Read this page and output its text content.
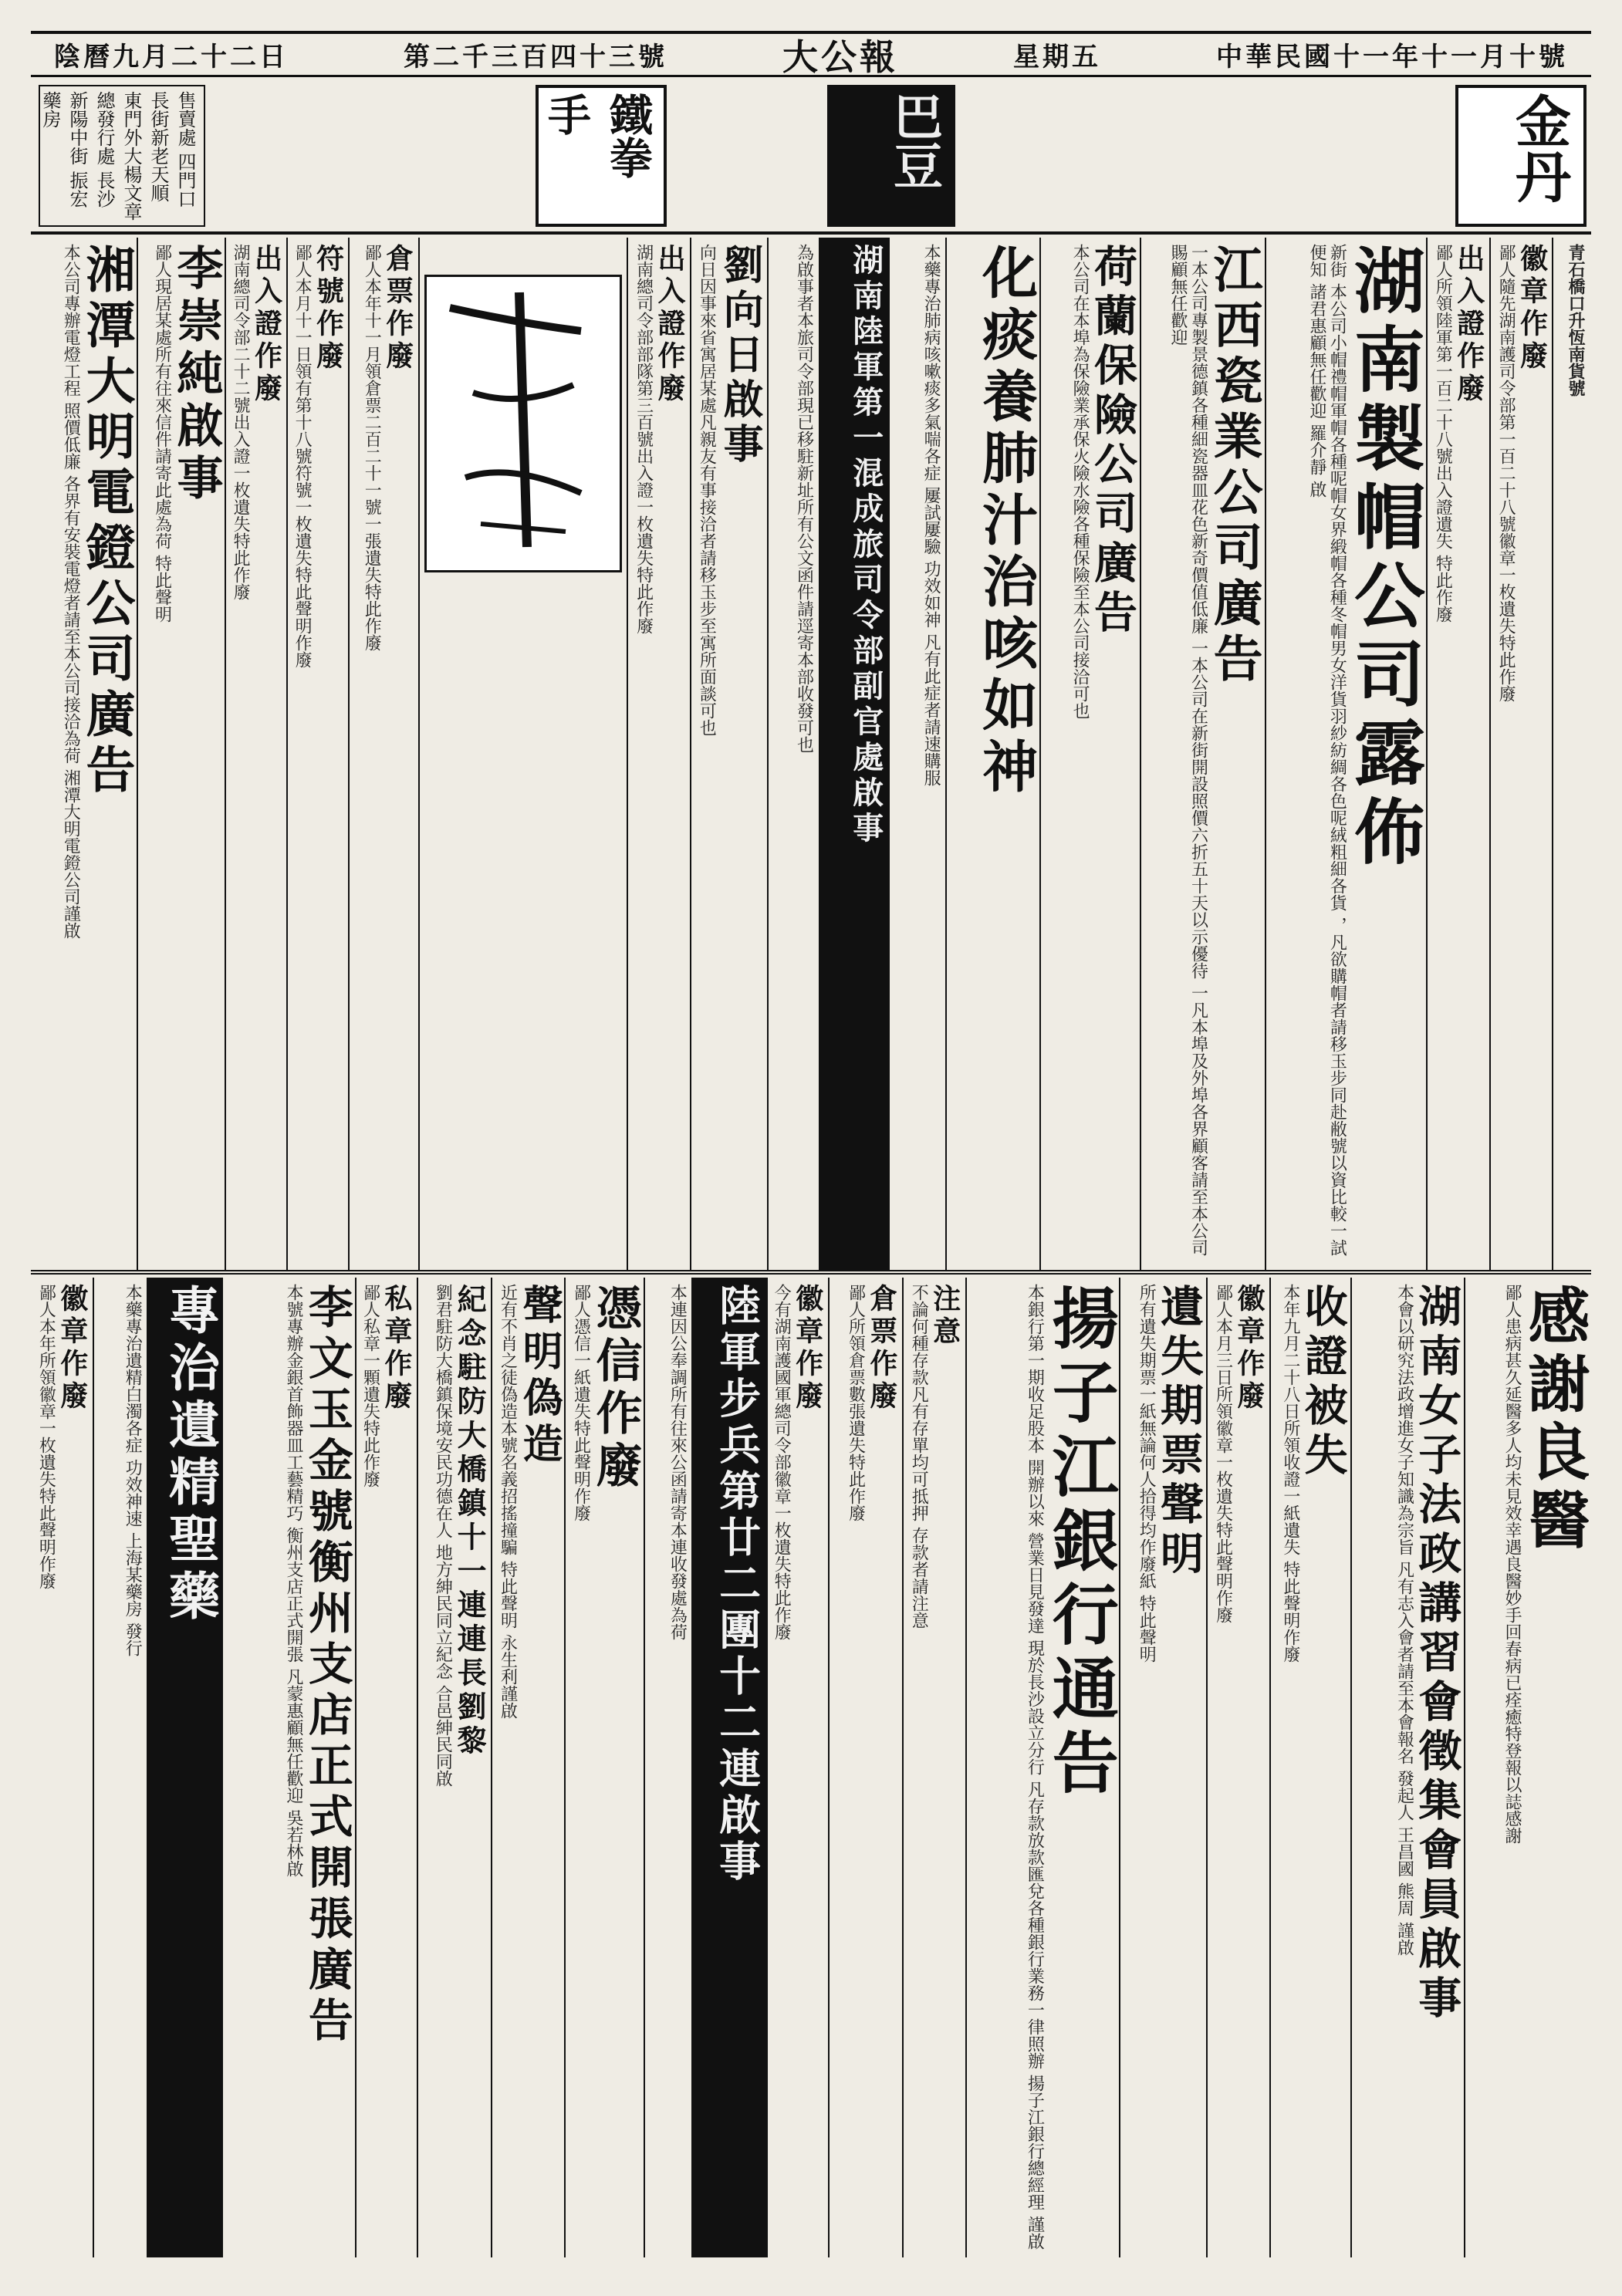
中華民國十一年十一月十號
星期五
大公報
第二千三百四十三號
陰曆九月二十二日
金丹
巴豆
鐵拳手
售賣處 四門口長街新老天順 東門外大楊文章 總發行處 長沙新陽中街 振宏藥房
青石橋口升恆南貨號
徽章作廢
鄙人隨先湖南護司令部第一百二十八號徽章一枚遺失特此作廢
出入證作廢
鄙人所領陸軍第一百二十八號出入證遺失 特此作廢
湖南製帽公司露佈
新街 本公司小帽禮帽軍帽各種呢帽女界緞帽各種冬帽男女洋貨羽紗紡綢各色呢絨粗細各貨 ，凡欲購帽者請移玉步同赴敝號以資比較一試便知 諸君惠顧無任歡迎 羅介靜 啟
江西瓷業公司廣告
一本公司專製景德鎮各種細瓷器皿花色新奇價值低廉 一本公司在新街開設照價六折五十天以示優待 一凡本埠及外埠各界顧客請至本公司賜顧無任歡迎
荷蘭保險公司廣告
本公司在本埠為保險業承保火險水險各種保險至本公司接洽可也
化痰養肺汁治咳如神
本藥專治肺病咳嗽痰多氣喘各症 屢試屢驗 功效如神 凡有此症者請速購服
湖南陸軍第一混成旅司令部副官處啟事
為啟事者本旅司令部現已移駐新址所有公文函件請逕寄本部收發可也
劉向日啟事
向日因事來省寓居某處凡親友有事接洽者請移玉步至寓所面談可也
出入證作廢
湖南總司令部部隊第三百號出入證一枚遺失特此作廢
倉票作廢
鄙人本年十一月領倉票二百二十一號一張遺失特此作廢
符號作廢
鄙人本月十一日領有第十八號符號一枚遺失特此聲明作廢
出入證作廢
湖南總司令部二十二號出入證一枚遺失特此作廢
李崇純啟事
鄙人現居某處所有往來信件請寄此處為荷 特此聲明
湘潭大明電鐙公司廣告
本公司專辦電燈工程 照價低廉 各界有安裝電燈者請至本公司接洽為荷 湘潭大明電鐙公司謹啟
感謝良醫
鄙人患病甚久延醫多人均未見效幸遇良醫妙手回春病已痊癒特登報以誌感謝
湖南女子法政講習會徵集會員啟事
本會以研究法政增進女子知識為宗旨 凡有志入會者請至本會報名 發起人 王昌國 熊周 謹啟
收證被失
本年九月二十八日所領收證一紙遺失 特此聲明作廢
徽章作廢
鄙人本月三日所領徽章一枚遺失特此聲明作廢
遺失期票聲明
所有遺失期票一紙無論何人拾得均作廢紙 特此聲明
揚子江銀行通告
本銀行第一期收足股本 開辦以來 營業日見發達 現於長沙設立分行 凡存款放款匯兌各種銀行業務一律照辦 揚子江銀行總經理 謹啟
注意
不論何種存款凡有存單均可抵押 存款者請注意
倉票作廢
鄙人所領倉票數張遺失特此作廢
徽章作廢
今有湖南護國軍總司令部徽章一枚遺失特此作廢
陸軍步兵第廿二團十二連啟事
本連因公奉調所有往來公函請寄本連收發處為荷
憑信作廢
鄙人憑信一紙遺失特此聲明作廢
聲明偽造
近有不肖之徒偽造本號名義招搖撞騙 特此聲明 永生利謹啟
紀念駐防大橋鎮十一連連長劉黎
劉君駐防大橋鎮保境安民功德在人 地方紳民同立紀念 合邑紳民同啟
私章作廢
鄙人私章一顆遺失特此作廢
李文玉金號衡州支店正式開張廣告
本號專辦金銀首飾器皿工藝精巧 衡州支店正式開張 凡蒙惠顧無任歡迎 吳若林啟
專治遺精聖藥
本藥專治遺精白濁各症 功效神速 上海某藥房 發行
徽章作廢
鄙人本年所領徽章一枚遺失特此聲明作廢
